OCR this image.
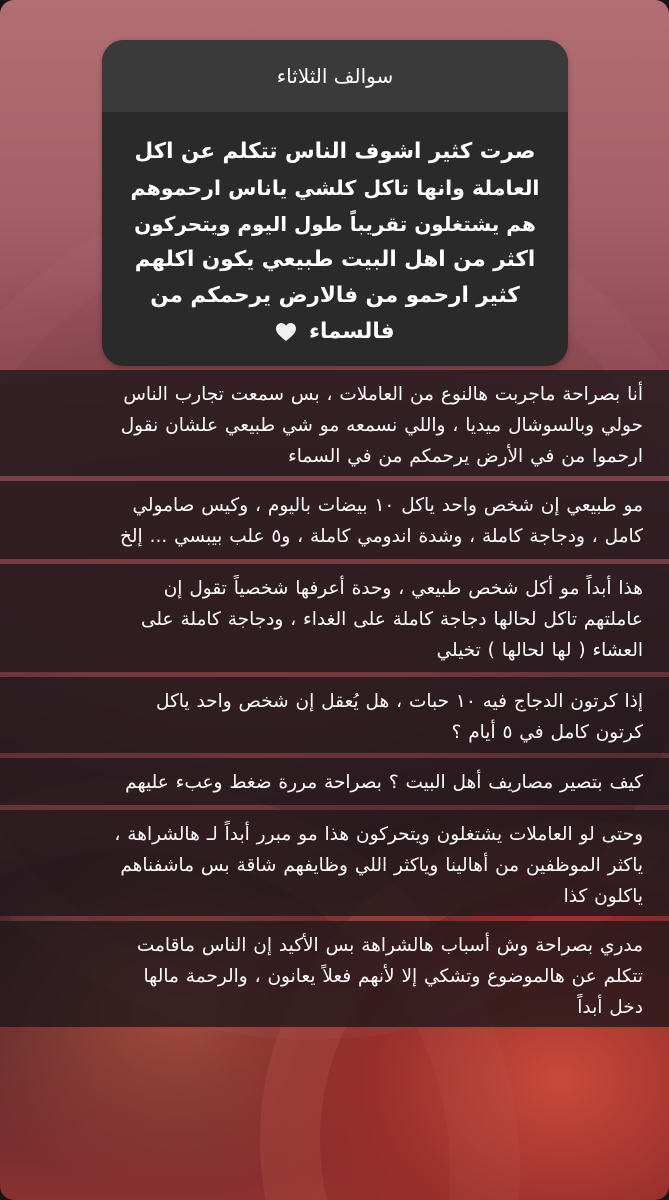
سوالف الثلاثاء
صرت كثير اشوف الناس تتكلم عن اكل
العاملة وانها تاكل كلشي ياناس ارحموهم
هم يشتغلون تقريباً طول اليوم ويتحركون
اكثر من اهل البيت طبيعي يكون اكلهم
كثير ارحمو من فالارض يرحمكم من
فالسماء

أنا بصراحة ماجربت هالنوع من العاملات ، بس سمعت تجارب الناس

حولي وبالسوشال ميديا ، واللي نسمعه مو شي طبيعي علشان نقول

ارحموا من في الأرض يرحمكم من في السماء

مو طبيعي إن شخص واحد ياكل ١٠ بيضات باليوم ، وكيس صامولي

كامل ، ودجاجة كاملة ، وشدة اندومي كاملة ، و٥ علب بيبسي ... إلخ

هذا أبداً مو أكل شخص طبيعي ، وحدة أعرفها شخصياً تقول إن

عاملتهم تاكل لحالها دجاجة كاملة على الغداء ، ودجاجة كاملة على

العشاء ( لها لحالها ) تخيلي

إذا كرتون الدجاج فيه ١٠ حبات ، هل يُعقل إن شخص واحد ياكل

كرتون كامل في ٥ أيام ؟

كيف بتصير مصاريف أهل البيت ؟ بصراحة مررة ضغط وعبء عليهم

وحتى لو العاملات يشتغلون ويتحركون هذا مو مبرر أبداً لـ هالشراهة ،

ياكثر الموظفين من أهالينا وياكثر اللي وظايفهم شاقة بس ماشفناهم

ياكلون كذا

مدري بصراحة وش أسباب هالشراهة بس الأكيد إن الناس ماقامت

تتكلم عن هالموضوع وتشكي إلا لأنهم فعلاً يعانون ، والرحمة مالها

دخل أبداً
